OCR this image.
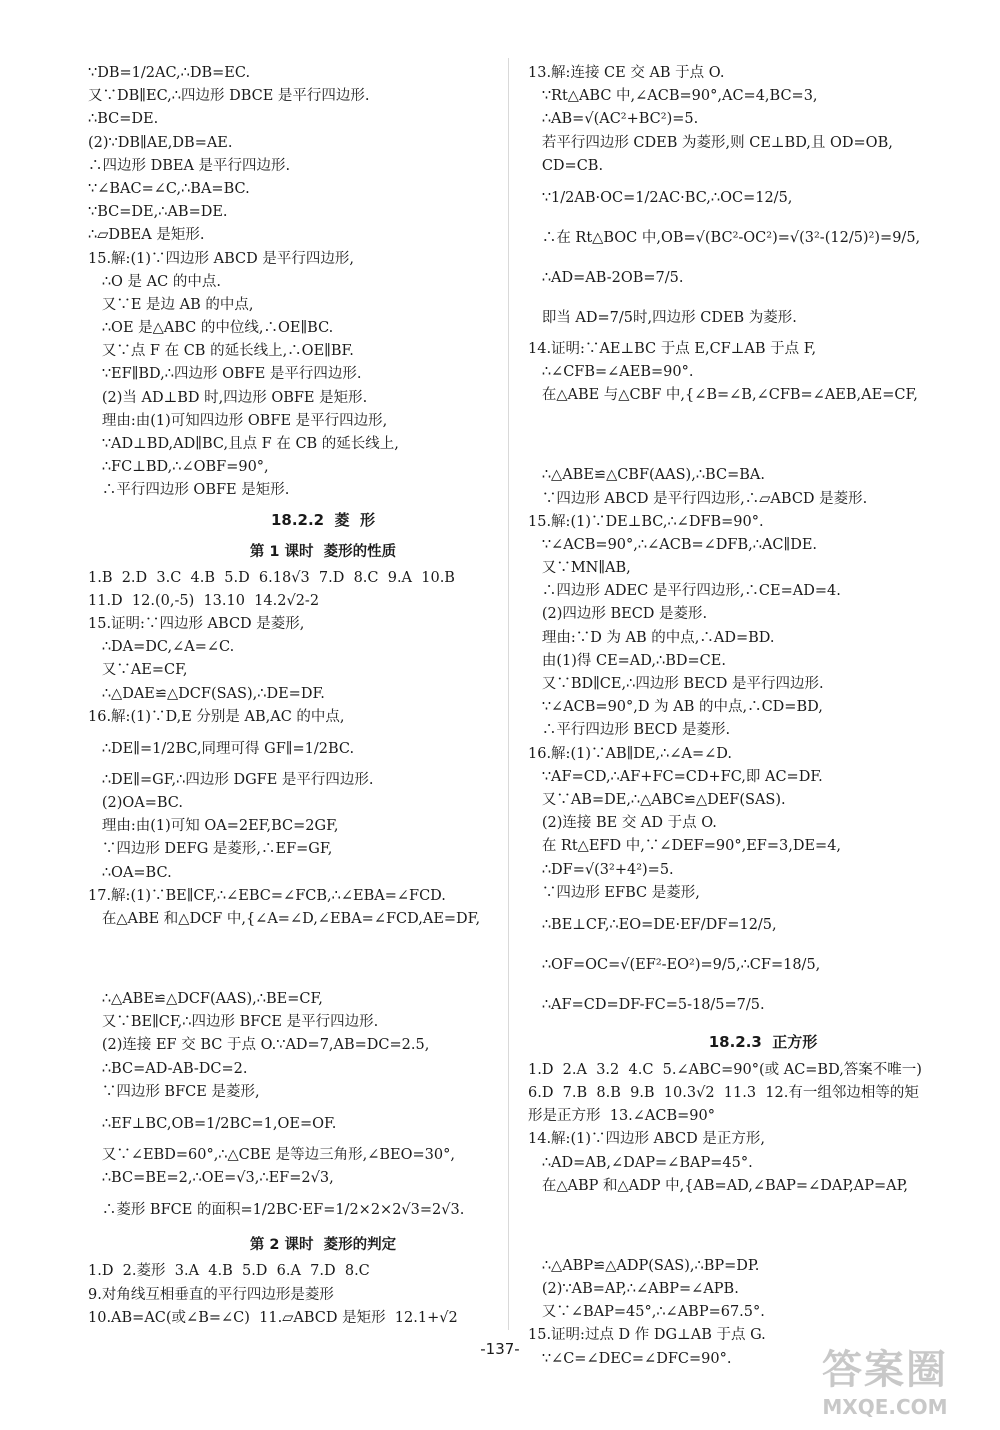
∵DB=1/2AC,∴DB=EC.
又∵DB∥EC,∴四边形 DBCE 是平行四边形.
∴BC=DE.
(2)∵DB∥AE,DB=AE.
∴四边形 DBEA 是平行四边形.
∵∠BAC=∠C,∴BA=BC.
∵BC=DE,∴AB=DE.
∴▱DBEA 是矩形.
15.解:(1)∵四边形 ABCD 是平行四边形,
∴O 是 AC 的中点.
又∵E 是边 AB 的中点,
∴OE 是△ABC 的中位线,∴OE∥BC.
又∵点 F 在 CB 的延长线上,∴OE∥BF.
∵EF∥BD,∴四边形 OBFE 是平行四边形.
(2)当 AD⊥BD 时,四边形 OBFE 是矩形.
理由:由(1)可知四边形 OBFE 是平行四边形,
∵AD⊥BD,AD∥BC,且点 F 在 CB 的延长线上,
∴FC⊥BD,∴∠OBF=90°,
∴平行四边形 OBFE 是矩形.
18.2.2  菱  形
第 1 课时  菱形的性质
1.B  2.D  3.C  4.B  5.D  6.18√3  7.D  8.C  9.A  10.B
11.D  12.(0,-5)  13.10  14.2√2-2
15.证明:∵四边形 ABCD 是菱形,
∴DA=DC,∠A=∠C.
又∵AE=CF,
∴△DAE≌△DCF(SAS),∴DE=DF.
16.解:(1)∵D,E 分别是 AB,AC 的中点,
∴DE∥=1/2BC,同理可得 GF∥=1/2BC.
∴DE∥=GF,∴四边形 DGFE 是平行四边形.
(2)OA=BC.
理由:由(1)可知 OA=2EF,BC=2GF,
∵四边形 DEFG 是菱形,∴EF=GF,
∴OA=BC.
17.解:(1)∵BE∥CF,∴∠EBC=∠FCB,∴∠EBA=∠FCD.
在△ABE 和△DCF 中,{∠A=∠D,∠EBA=∠FCD,AE=DF,
∴△ABE≌△DCF(AAS),∴BE=CF,
又∵BE∥CF,∴四边形 BFCE 是平行四边形.
(2)连接 EF 交 BC 于点 O.∵AD=7,AB=DC=2.5,
∴BC=AD-AB-DC=2.
∵四边形 BFCE 是菱形,
∴EF⊥BC,OB=1/2BC=1,OE=OF.
又∵∠EBD=60°,∴△CBE 是等边三角形,∠BEO=30°,
∴BC=BE=2,∴OE=√3,∴EF=2√3,
∴菱形 BFCE 的面积=1/2BC·EF=1/2×2×2√3=2√3.
第 2 课时  菱形的判定
1.D  2.菱形  3.A  4.B  5.D  6.A  7.D  8.C
9.对角线互相垂直的平行四边形是菱形
10.AB=AC(或∠B=∠C)  11.▱ABCD 是矩形  12.1+√2
13.解:连接 CE 交 AB 于点 O.
∵Rt△ABC 中,∠ACB=90°,AC=4,BC=3,
∴AB=√(AC²+BC²)=5.
若平行四边形 CDEB 为菱形,则 CE⊥BD,且 OD=OB,
CD=CB.
∵1/2AB·OC=1/2AC·BC,∴OC=12/5,
∴在 Rt△BOC 中,OB=√(BC²-OC²)=√(3²-(12/5)²)=9/5,
∴AD=AB-2OB=7/5.
即当 AD=7/5时,四边形 CDEB 为菱形.
14.证明:∵AE⊥BC 于点 E,CF⊥AB 于点 F,
∴∠CFB=∠AEB=90°.
在△ABE 与△CBF 中,{∠B=∠B,∠CFB=∠AEB,AE=CF,
∴△ABE≌△CBF(AAS),∴BC=BA.
∵四边形 ABCD 是平行四边形,∴▱ABCD 是菱形.
15.解:(1)∵DE⊥BC,∴∠DFB=90°.
∵∠ACB=90°,∴∠ACB=∠DFB,∴AC∥DE.
又∵MN∥AB,
∴四边形 ADEC 是平行四边形,∴CE=AD=4.
(2)四边形 BECD 是菱形.
理由:∵D 为 AB 的中点,∴AD=BD.
由(1)得 CE=AD,∴BD=CE.
又∵BD∥CE,∴四边形 BECD 是平行四边形.
∵∠ACB=90°,D 为 AB 的中点,∴CD=BD,
∴平行四边形 BECD 是菱形.
16.解:(1)∵AB∥DE,∴∠A=∠D.
∵AF=CD,∴AF+FC=CD+FC,即 AC=DF.
又∵AB=DE,∴△ABC≌△DEF(SAS).
(2)连接 BE 交 AD 于点 O.
在 Rt△EFD 中,∵∠DEF=90°,EF=3,DE=4,
∴DF=√(3²+4²)=5.
∵四边形 EFBC 是菱形,
∴BE⊥CF,∴EO=DE·EF/DF=12/5,
∴OF=OC=√(EF²-EO²)=9/5,∴CF=18/5,
∴AF=CD=DF-FC=5-18/5=7/5.
18.2.3  正方形
1.D  2.A  3.2  4.C  5.∠ABC=90°(或 AC=BD,答案不唯一)
6.D  7.B  8.B  9.B  10.3√2  11.3  12.有一组邻边相等的矩
形是正方形  13.∠ACB=90°
14.解:(1)∵四边形 ABCD 是正方形,
∴AD=AB,∠DAP=∠BAP=45°.
在△ABP 和△ADP 中,{AB=AD,∠BAP=∠DAP,AP=AP,
∴△ABP≌△ADP(SAS),∴BP=DP.
(2)∵AB=AP,∴∠ABP=∠APB.
又∵∠BAP=45°,∴∠ABP=67.5°.
15.证明:过点 D 作 DG⊥AB 于点 G.
∵∠C=∠DEC=∠DFC=90°.
-137-	答案圈
MXQE.COM
